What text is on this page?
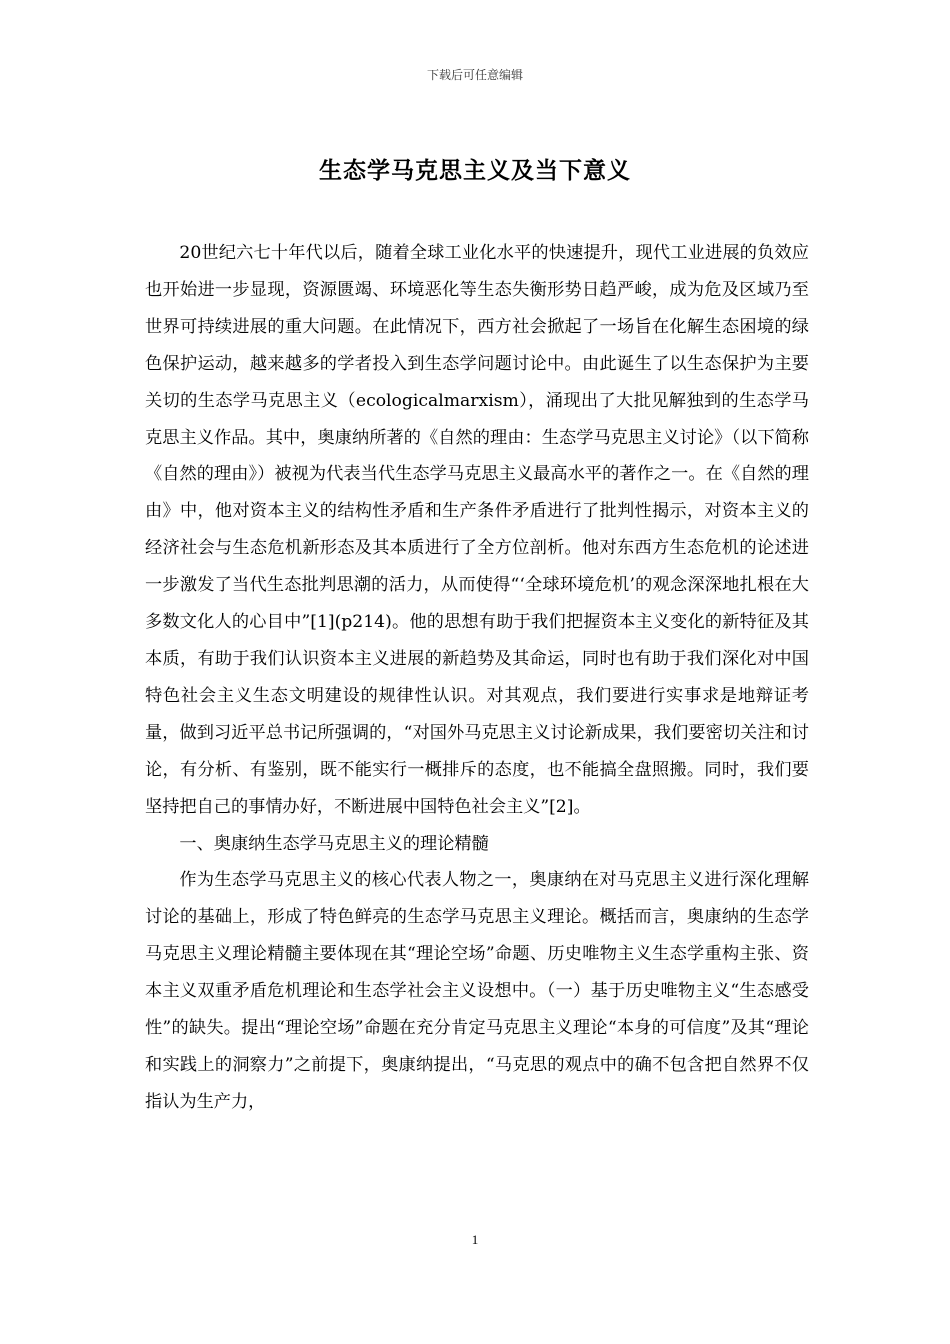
下载后可任意编辑
生态学马克思主义及当下意义

20世纪六七十年代以后，随着全球工业化水平的快速提升，现代工业进展的负效应也开始进一步显现，资源匮竭、环境恶化等生态失衡形势日趋严峻，成为危及区域乃至世界可持续进展的重大问题。在此情况下，西方社会掀起了一场旨在化解生态困境的绿色保护运动，越来越多的学者投入到生态学问题讨论中。由此诞生了以生态保护为主要关切的生态学马克思主义（ecologicalmarxism），涌现出了大批见解独到的生态学马克思主义作品。其中，奥康纳所著的《自然的理由：生态学马克思主义讨论》（以下简称《自然的理由》）被视为代表当代生态学马克思主义最高水平的著作之一。在《自然的理由》中，他对资本主义的结构性矛盾和生产条件矛盾进行了批判性揭示，对资本主义的经济社会与生态危机新形态及其本质进行了全方位剖析。他对东西方生态危机的论述进一步激发了当代生态批判思潮的活力，从而使得“‘全球环境危机’的观念深深地扎根在大多数文化人的心目中”[1](p214)。他的思想有助于我们把握资本主义变化的新特征及其本质，有助于我们认识资本主义进展的新趋势及其命运，同时也有助于我们深化对中国特色社会主义生态文明建设的规律性认识。对其观点，我们要进行实事求是地辩证考量，做到习近平总书记所强调的，“对国外马克思主义讨论新成果，我们要密切关注和讨论，有分析、有鉴别，既不能实行一概排斥的态度，也不能搞全盘照搬。同时，我们要坚持把自己的事情办好，不断进展中国特色社会主义”[2]。

一、奥康纳生态学马克思主义的理论精髓

作为生态学马克思主义的核心代表人物之一，奥康纳在对马克思主义进行深化理解讨论的基础上，形成了特色鲜亮的生态学马克思主义理论。概括而言，奥康纳的生态学马克思主义理论精髓主要体现在其“理论空场”命题、历史唯物主义生态学重构主张、资本主义双重矛盾危机理论和生态学社会主义设想中。（一）基于历史唯物主义“生态感受性”的缺失。提出“理论空场”命题在充分肯定马克思主义理论“本身的可信度”及其“理论和实践上的洞察力”之前提下，奥康纳提出，“马克思的观点中的确不包含把自然界不仅指认为生产力，

1
